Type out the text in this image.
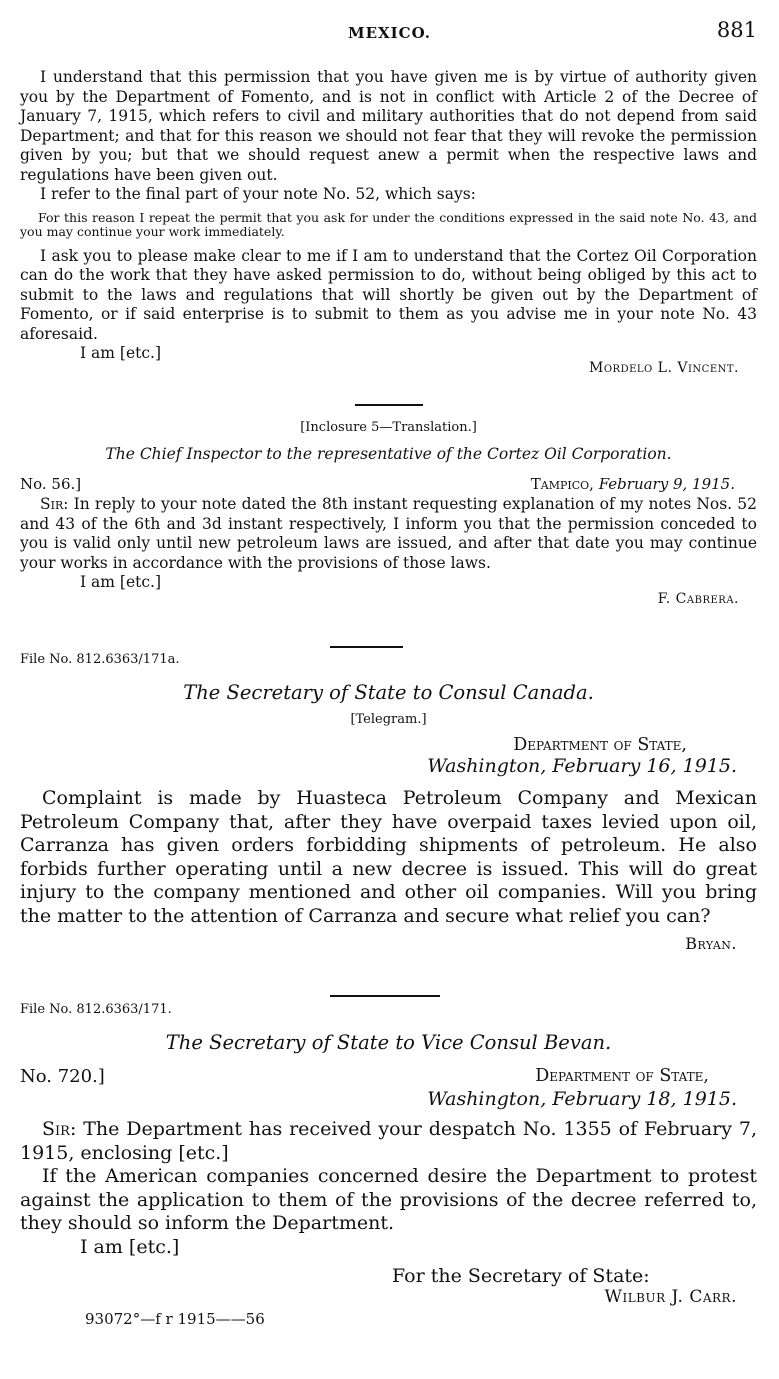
MEXICO.	881

I understand that this permission that you have given me is by virtue of authority given you by the Department of Fomento, and is not in conflict with Article 2 of the Decree of January 7, 1915, which refers to civil and military authorities that do not depend from said Department; and that for this reason we should not fear that they will revoke the permission given by you; but that we should request anew a permit when the respective laws and regulations have been given out.

I refer to the final part of your note No. 52, which says:

For this reason I repeat the permit that you ask for under the conditions expressed in the said note No. 43, and you may continue your work immediately.

I ask you to please make clear to me if I am to understand that the Cortez Oil Corporation can do the work that they have asked permission to do, without being obliged by this act to submit to the laws and regulations that will shortly be given out by the Department of Fomento, or if said enterprise is to submit to them as you advise me in your note No. 43 aforesaid.

I am [etc.]

Mordelo L. Vincent.
[Inclosure 5—Translation.]
The Chief Inspector to the representative of the Cortez Oil Corporation.
No. 56.]	Tampico, February 9, 1915.

Sir: In reply to your note dated the 8th instant requesting explanation of my notes Nos. 52 and 43 of the 6th and 3d instant respectively, I inform you that the permission conceded to you is valid only until new petroleum laws are issued, and after that date you may continue your works in accordance with the provisions of those laws.

I am [etc.]

F. Cabrera.
File No. 812.6363/171a.
The Secretary of State to Consul Canada.
[Telegram.]
Department of State,
Washington, February 16, 1915.

Complaint is made by Huasteca Petroleum Company and Mexican Petroleum Company that, after they have overpaid taxes levied upon oil, Carranza has given orders forbidding shipments of petroleum. He also forbids further operating until a new decree is issued. This will do great injury to the company mentioned and other oil companies. Will you bring the matter to the attention of Carranza and secure what relief you can?

Bryan.
File No. 812.6363/171.
The Secretary of State to Vice Consul Bevan.
No. 720.]	Department of State,
Washington, February 18, 1915.

Sir: The Department has received your despatch No. 1355 of February 7, 1915, enclosing [etc.]

If the American companies concerned desire the Department to protest against the application to them of the provisions of the decree referred to, they should so inform the Department.

I am [etc.]

For the Secretary of State:
Wilbur J. Carr.
93072°—f r 1915——56
